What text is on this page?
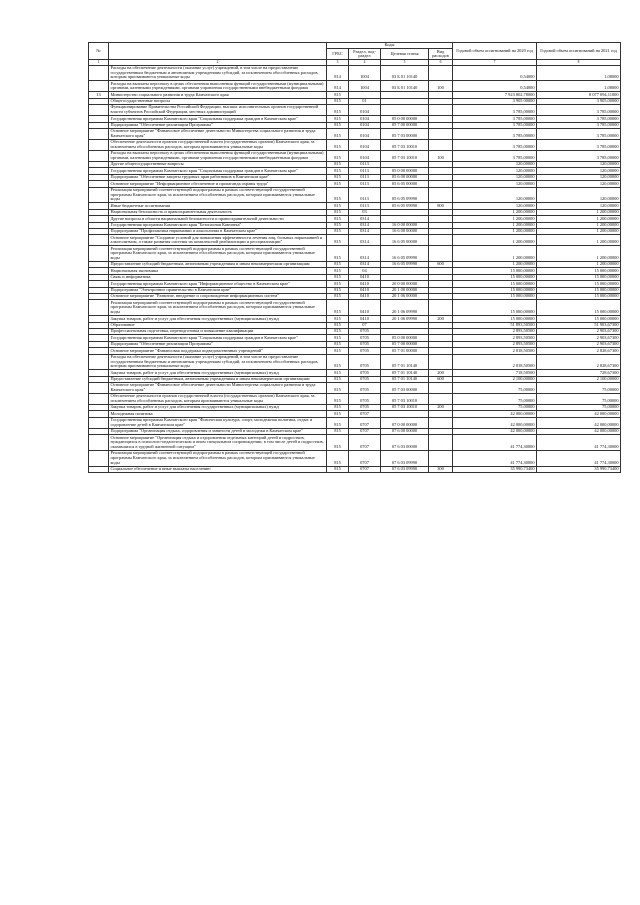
№		Коды				Годовой объем ассигнований на 2020 год	Годовой объем ассигнований на 2021 год
		ГРБС	Раздел, под- раздел	Целевая статья	Вид расходов		
1	2	3	4	5	6	7	8
	Расходы на обеспечение деятельности (оказание услуг) учреждений, в том числе на предоставление государственным бюджетным и автономным учреждениям субсидий, за исключением обособленных расходов, которым присваиваются уникальные коды	814	1004	03 Б 01 10140		0,54000	1,08000
	Расходы на выплаты персоналу в целях обеспечения выполнения функций государственными (муниципальными) органами, казенными учреждениями, органами управления государственными внебюджетными фондами	814	1004	03 Б 01 10140	100	0,54000	1,08000
13	Министерство социального развития и труда Камчатского края	815				7 923 802,78000	8 077 094,11000
	Общегосударственные вопросы	815	01			3 905 00000	3 905,00000
	Функционирование Правительства Российской Федерации, высших исполнительных органов государственной власти субъектов Российской Федерации, местных администраций	815	0104			3 785,00000	3 785,00000
	Государственная программа Камчатского края "Социальная поддержка граждан в Камчатском крае"	815	0104	05 0 00 00000		3 785,00000	3 785,00000
	Подпрограмма "Обеспечение реализации Программы"	815	0104	05 7 00 00000		3 785,00000	3 785,00000
	Основное мероприятие "Финансовое обеспечение деятельности Министерства социального развития и труда Камчатского края"	815	0104	05 7 03 00000		3 785,00000	3 785,00000
	Обеспечение деятельности органов государственной власти (государственных органов) Камчатского края, за исключением обособленных расходов, которым присваиваются уникальные коды	815	0104	05 7 03 10010		3 785,00000	3 785,00000
	Расходы на выплаты персоналу в целях обеспечения выполнения функций государственными (муниципальными) органами, казенными учреждениями, органами управления государственными внебюджетными фондами	815	0104	05 7 03 10010	100	3 785,00000	3 785,00000
	Другие общегосударственные вопросы	815	0113			120,00000	120,00000
	Государственная программа Камчатского края "Социальная поддержка граждан в Камчатском крае"	815	0113	05 0 00 00000		120,00000	120,00000
	Подпрограмма "Обеспечение защиты трудовых прав работников в Камчатском крае"	815	0113	05 6 00 00000		120,00000	120,00000
	Основное мероприятие "Информационное обеспечение и пропаганда охраны труда"	815	0113	05 6 05 00000		120,00000	120,00000
	Реализация мероприятий соответствующей подпрограммы в рамках соответствующей государственной программы Камчатского края, за исключением обособленных расходов, которым присваиваются уникальные коды	815	0113	05 6 05 09990		120,00000	120,00000
	Иные бюджетные ассигнования	815	0113	05 6 05 09990	800	120,00000	120,00000
	Национальная безопасность и правоохранительная деятельность	815	03			1 200,00000	1 200,00000
	Другие вопросы в области национальной безопасности и правоохранительной деятельности	815	0314			1 200,00000	1 200,00000
	Государственная программа Камчатского края "Безопасная Камчатка"	815	0314	16 0 00 00000		1 200,00000	1 200,00000
	Подпрограмма "Профилактика наркомании и алкоголизма в Камчатском крае"	815	0314	16 6 00 00000		1 200,00000	1 200,00000
	Основное мероприятие "Создание условий для повышения эффективности лечения лиц, больных наркоманией и алкоголизмом, а также развития системы их комплексной реабилитации и ресоциализации"	815	0314	16 6 05 00000		1 200,00000	1 200,00000
	Реализация мероприятий соответствующей подпрограммы в рамках соответствующей государственной программы Камчатского края, за исключением обособленных расходов, которым присваиваются уникальные коды	815	0314	16 6 05 09990		1 200,00000	1 200,00000
	Предоставление субсидий бюджетным, автономным учреждениям и иным некоммерческим организациям	815	0314	16 6 05 09990	600	1 200,00000	1 200,00000
	Национальная экономика	815	04			15 000,00000	15 000,00000
	Связь и информатика	815	0410			15 000,00000	15 000,00000
	Государственная программа Камчатского края "Информационное общество в Камчатском крае"	815	0410	20 0 00 00000		15 000,00000	15 000,00000
	Подпрограмма "Электронное правительство в Камчатском крае"	815	0410	20 1 00 00000		15 000,00000	15 000,00000
	Основное мероприятие "Развитие, внедрение и сопровождение информационных систем"	815	0410	20 1 06 00000		15 000,00000	15 000,00000
	Реализация мероприятий соответствующей подпрограммы в рамках соответствующей государственной программы Камчатского края, за исключением обособленных расходов, которым присваиваются уникальные коды	815	0410	20 1 06 09990		15 000,00000	15 000,00000
	Закупка товаров, работ и услуг для обеспечения государственных (муниципальных) нужд	815	0410	20 1 06 09990	200	15 000,00000	15 000,00000
	Образование	815	07			51 893,50500	51 903,67300
	Профессиональная подготовка, переподготовка и повышение квалификации	815	0705			2 893,50500	2 903,67300
	Государственная программа Камчатского края "Социальная поддержка граждан в Камчатском крае"	815	0705	05 0 00 00000		2 893,50500	2 903,67300
	Подпрограмма "Обеспечение реализации Программы"	815	0705	05 7 00 00000		2 893,50500	2 903,67300
	Основное мероприятие "Финансовая поддержка подведомственных учреждений"	815	0705	05 7 01 00000		2 818,50500	2 828,67300
	Расходы на обеспечение деятельности (оказание услуг) учреждений, в том числе на предоставление государственным бюджетным и автономным учреждениям субсидий, за исключением обособленных расходов, которым присваиваются уникальные коды	815	0705	05 7 01 10140		2 818,50500	2 828,67300
	Закупка товаров, работ и услуг для обеспечения государственных (муниципальных) нужд	815	0705	05 7 01 10140	200	718,50500	728,67300
	Предоставление субсидий бюджетным, автономным учреждениям и иным некоммерческим организациям	815	0705	05 7 01 10140	600	2 100,00000	2 100,00000
	Основное мероприятие "Финансовое обеспечение деятельности Министерства социального развития и труда Камчатского края"	815	0705	05 7 03 00000		75,00000	75,00000
	Обеспечение деятельности органов государственной власти (государственных органов) Камчатского края, за исключением обособленных расходов, которым присваиваются уникальные коды	815	0705	05 7 03 10010		75,00000	75,00000
	Закупка товаров, работ и услуг для обеспечения государственных (муниципальных) нужд	815	0705	05 7 03 10010	200	75,00000	75,00000
	Молодежная политика	815	0707			42 000,00000	42 000,00000
	Государственная программа Камчатского края "Физическая культура, спорт, молодежная политика, отдых и оздоровление детей в Камчатском крае"	815	0707	07 0 00 00000		42 000,00000	42 000,00000
	Подпрограмма "Организация отдыха, оздоровления и занятости детей и молодежи в Камчатском крае"	815	0707	07 6 00 00000		42 000,00000	42 000,00000
	Основное мероприятие "Организация отдыха и оздоровления отдельных категорий детей и подростков, нуждающихся в психолого-педагогическом и ином специальном сопровождении, в том числе детей и подростков, оказавшихся в трудной жизненной ситуации"	815	0707	07 6 03 00000		41 774,30000	41 774,30000
	Реализация мероприятий соответствующей подпрограммы в рамках соответствующей государственной программы Камчатского края, за исключением обособленных расходов, которым присваиваются уникальные коды	815	0707	07 6 03 09990		41 774,30000	41 774,30000
	Социальное обеспечение и иные выплаты населению	815	0707	07 6 03 09990	300	35 990,73400	35 990,73400
